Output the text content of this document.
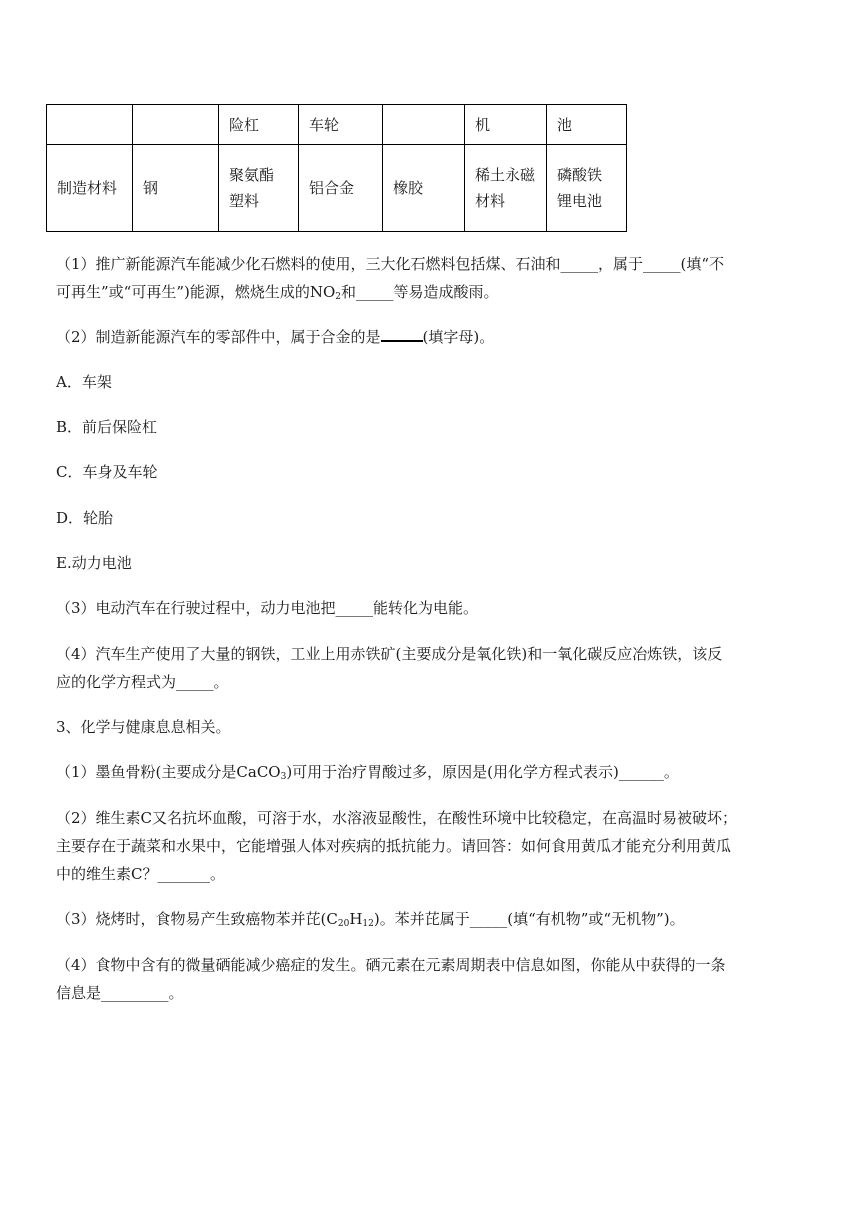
		险杠	车轮		机	池
制造材料	钢	聚氨酯塑料	铝合金	橡胶	稀土永磁材料	磷酸铁锂电池

（1）推广新能源汽车能减少化石燃料的使用，三大化石燃料包括煤、石油和_____，属于_____(填“不

可再生”或“可再生”)能源，燃烧生成的$NO_2$和_____等易造成酸雨。

（2）制造新能源汽车的零部件中，属于合金的是	(填字母)。

A．车架

B．前后保险杠

C．车身及车轮

D．轮胎

E.动力电池

（3）电动汽车在行驶过程中，动力电池把_____能转化为电能。

（4）汽车生产使用了大量的钢铁，工业上用赤铁矿(主要成分是氧化铁)和一氧化碳反应冶炼铁，该反

应的化学方程式为_____。

3、化学与健康息息相关。

（1）墨鱼骨粉(主要成分是CaCO$_3$)可用于治疗胃酸过多，原因是(用化学方程式表示)______。

（2）维生素C又名抗坏血酸，可溶于水，水溶液显酸性，在酸性环境中比较稳定，在高温时易被破坏；

主要存在于蔬菜和水果中，它能增强人体对疾病的抵抗能力。请回答：如何食用黄瓜才能充分利用黄瓜

中的维生素C？_______。

（3）烧烤时，食物易产生致癌物苯并芘$(C_{20}H_{12})$。苯并芘属于_____(填“有机物”或“无机物”)。

（4）食物中含有的微量硒能减少癌症的发生。硒元素在元素周期表中信息如图，你能从中获得的一条

信息是_________。
